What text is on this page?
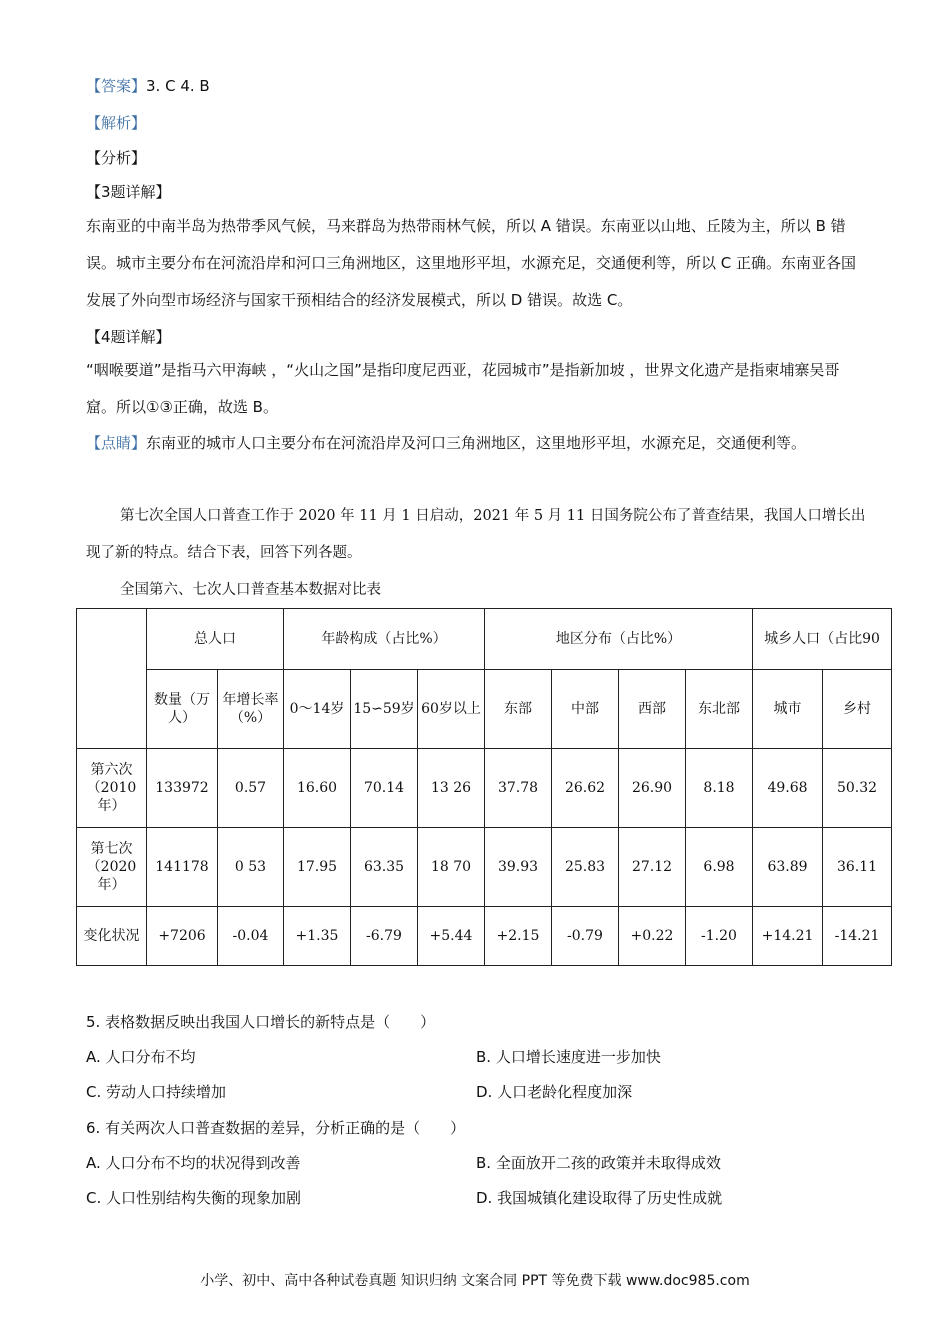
【答案】3. C 4. B
【解析】
【分析】
【3题详解】
东南亚的中南半岛为热带季风气候，马来群岛为热带雨林气候，所以 A 错误。东南亚以山地、丘陵为主，所以 B 错误。城市主要分布在河流沿岸和河口三角洲地区，这里地形平坦，水源充足，交通便利等，所以 C 正确。东南亚各国发展了外向型市场经济与国家干预相结合的经济发展模式，所以 D 错误。故选 C。
【4题详解】
“咽喉要道”是指马六甲海峡 ，“火山之国”是指印度尼西亚，花园城市”是指新加坡 ，世界文化遗产是指柬埔寨吴哥窟。所以①③正确，故选 B。
【点睛】东南亚的城市人口主要分布在河流沿岸及河口三角洲地区，这里地形平坦，水源充足，交通便利等。
第七次全国人口普查工作于 2020 年 11 月 1 日启动，2021 年 5 月 11 日国务院公布了普查结果，我国人口增长出现了新的特点。结合下表，回答下列各题。
全国第六、七次人口普查基本数据对比表
	总人口		年龄构成（占比%）			地区分布（占比%）				城乡人口（占比90	
	数量（万人）	年增长率（%）	0～14岁	15∽59岁	60岁以上	东部	中部	西部	东北部	城市	乡村
第六次（2010年）	133972	0.57	16.60	70.14	13 26	37.78	26.62	26.90	8.18	49.68	50.32
第七次（2020年）	141178	0 53	17.95	63.35	18 70	39.93	25.83	27.12	6.98	63.89	36.11
变化状况	+7206	-0.04	+1.35	-6.79	+5.44	+2.15	-0.79	+0.22	-1.20	+14.21	-14.21
5. 表格数据反映出我国人口增长的新特点是（　　）
A. 人口分布不均	B. 人口增长速度进一步加快
C. 劳动人口持续增加	D. 人口老龄化程度加深
6. 有关两次人口普查数据的差异，分析正确的是（　　）
A. 人口分布不均的状况得到改善	B. 全面放开二孩的政策并未取得成效
C. 人口性别结构失衡的现象加剧	D. 我国城镇化建设取得了历史性成就
小学、初中、高中各种试卷真题 知识归纳 文案合同 PPT 等免费下载 www.doc985.com
